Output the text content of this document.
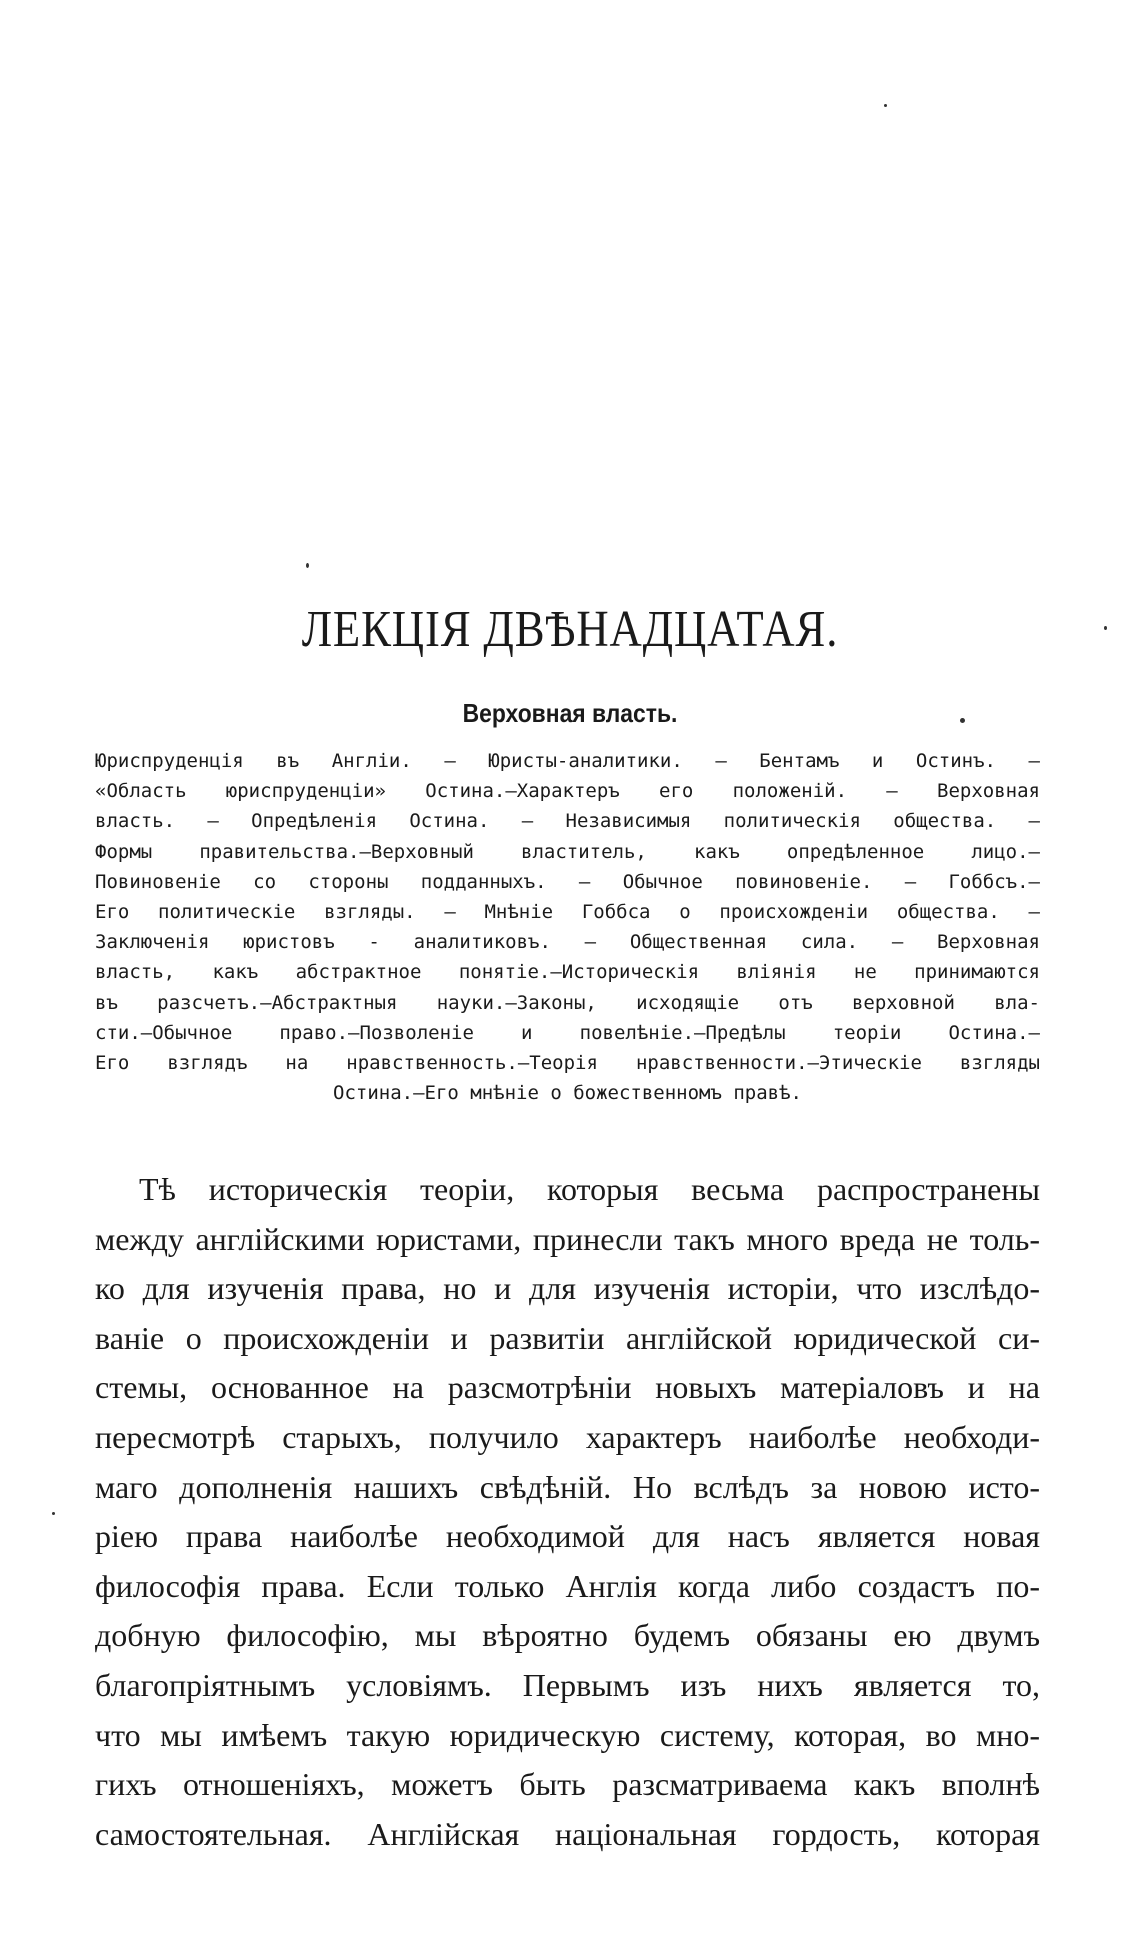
ЛЕКЦІЯ ДВѢНАДЦАТАЯ.
Верховная власть.
Юриспруденція въ Англіи. — Юристы-аналитики. — Бентамъ и Остинъ. —
«Область юриспруденціи» Остина.—Характеръ его положеній. — Верховная
власть. — Опредѣленія Остина. — Независимыя политическія общества. —
Формы правительства.—Верховный властитель, какъ опредѣленное лицо.—
Повиновеніе со стороны подданныхъ. — Обычное повиновеніе. — Гоббсъ.—
Его политическіе взгляды. — Мнѣніе Гоббса о происхожденіи общества. —
Заключенія юристовъ - аналитиковъ. — Общественная сила. — Верховная
власть, какъ абстрактное понятіе.—Историческія вліянія не принимаются
въ разсчетъ.—Абстрактныя науки.—Законы, исходящіе отъ верховной вла-
сти.—Обычное право.—Позволеніе и повелѣніе.—Предѣлы теоріи Остина.—
Его взглядъ на нравственность.—Теорія нравственности.—Этическіе взгляды
Остина.—Его мнѣніе о божественномъ правѣ.
Тѣ историческія теоріи, которыя весьма распространены
между англійскими юристами, принесли такъ много вреда не толь-
ко для изученія права, но и для изученія исторіи, что изслѣдо-
ваніе о происхожденіи и развитіи англійской юридической си-
стемы, основанное на разсмотрѣніи новыхъ матеріаловъ и на
пересмотрѣ старыхъ, получило характеръ наиболѣе необходи-
маго дополненія нашихъ свѣдѣній. Но вслѣдъ за новою исто-
ріею права наиболѣе необходимой для насъ является новая
философія права. Если только Англія когда либо создастъ по-
добную философію, мы вѣроятно будемъ обязаны ею двумъ
благопріятнымъ условіямъ. Первымъ изъ нихъ является то,
что мы имѣемъ такую юридическую систему, которая, во мно-
гихъ отношеніяхъ, можетъ быть разсматриваема какъ вполнѣ
самостоятельная. Англійская національная гордость, которая
